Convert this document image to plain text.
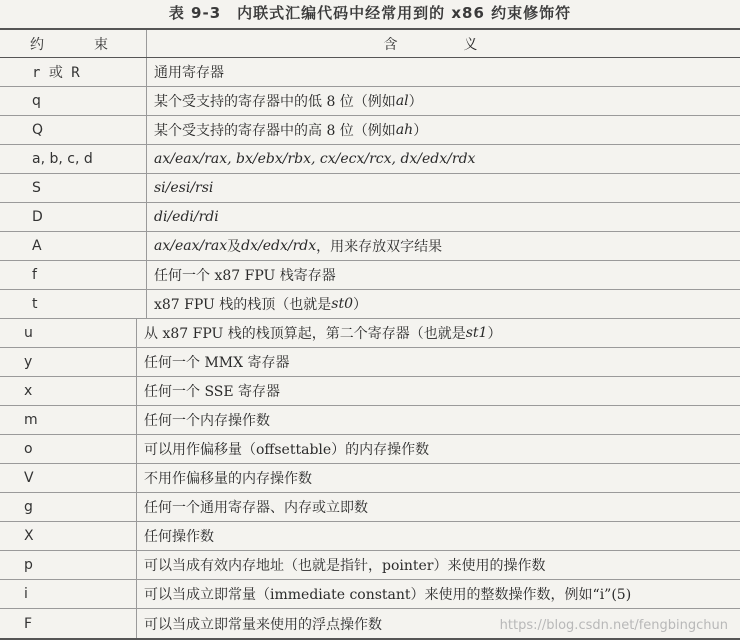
表 9-3　内联式汇编代码中经常用到的 x86 约束修饰符
约　束	含　义
r 或 R	通用寄存器
q	某个受支持的寄存器中的低 8 位（例如 al ）
Q	某个受支持的寄存器中的高 8 位（例如 ah ）
a, b, c, d	ax/eax/rax, bx/ebx/rbx, cx/ecx/rcx, dx/edx/rdx
S	si/esi/rsi
D	di/edi/rdi
A	ax/eax/rax 及 dx/edx/rdx ，用来存放双字结果
f	任何一个 x87 FPU 栈寄存器
t	x87 FPU 栈的栈顶（也就是 st0 ）
u	从 x87 FPU 栈的栈顶算起，第二个寄存器（也就是 st1 ）
y	任何一个 MMX 寄存器
x	任何一个 SSE 寄存器
m	任何一个内存操作数
o	可以用作偏移量（offsettable）的内存操作数
V	不用作偏移量的内存操作数
g	任何一个通用寄存器、内存或立即数
X	任何操作数
p	可以当成有效内存地址（也就是指针，pointer）来使用的操作数
i	可以当成立即常量（immediate constant）来使用的整数操作数，例如“i”(5)
F	可以当成立即常量来使用的浮点操作数	https://blog.csdn.net/fengbingchun
